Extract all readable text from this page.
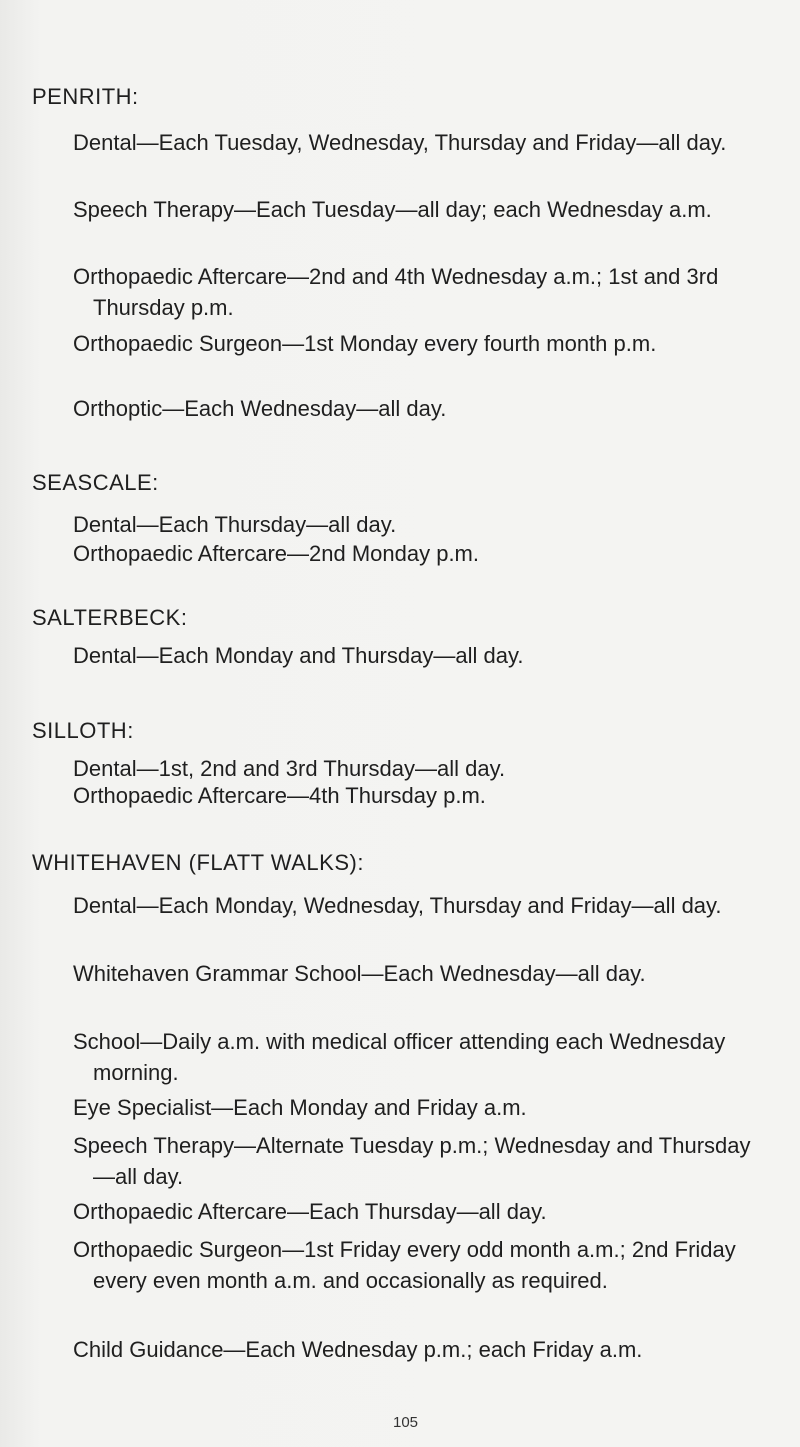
PENRITH:
Dental—Each Tuesday, Wednesday, Thursday and Friday—all day.
Speech Therapy—Each Tuesday—all day; each Wednesday a.m.
Orthopaedic Aftercare—2nd and 4th Wednesday a.m.; 1st and 3rd Thursday p.m.
Orthopaedic Surgeon—1st Monday every fourth month p.m.
Orthoptic—Each Wednesday—all day.
SEASCALE:
Dental—Each Thursday—all day.
Orthopaedic Aftercare—2nd Monday p.m.
SALTERBECK:
Dental—Each Monday and Thursday—all day.
SILLOTH:
Dental—1st, 2nd and 3rd Thursday—all day.
Orthopaedic Aftercare—4th Thursday p.m.
WHITEHAVEN (FLATT WALKS):
Dental—Each Monday, Wednesday, Thursday and Friday—all day.
Whitehaven Grammar School—Each Wednesday—all day.
School—Daily a.m. with medical officer attending each Wednesday morning.
Eye Specialist—Each Monday and Friday a.m.
Speech Therapy—Alternate Tuesday p.m.; Wednesday and Thursday—all day.
Orthopaedic Aftercare—Each Thursday—all day.
Orthopaedic Surgeon—1st Friday every odd month a.m.; 2nd Friday every even month a.m. and occasionally as required.
Child Guidance—Each Wednesday p.m.; each Friday a.m.
105
